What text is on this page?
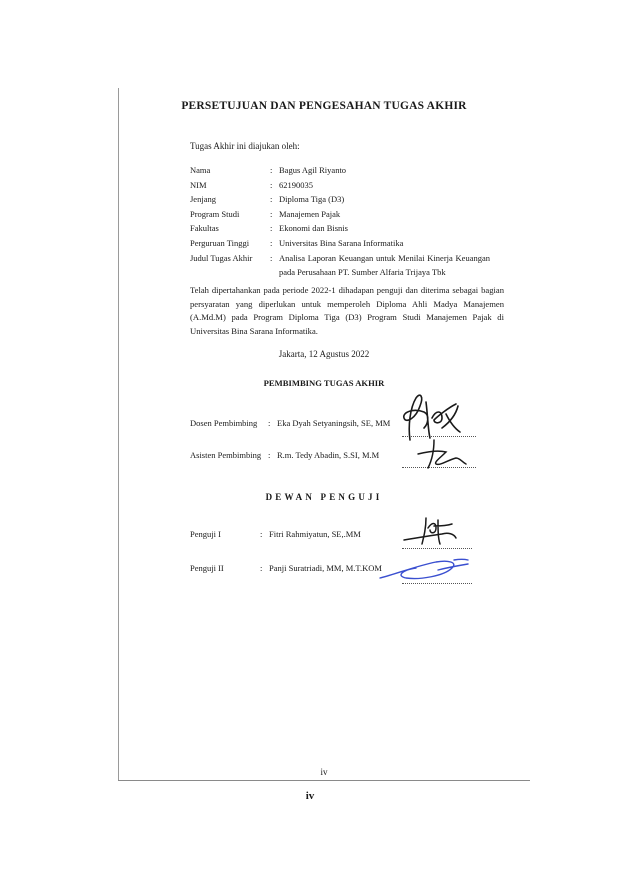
PERSETUJUAN DAN PENGESAHAN TUGAS AKHIR
Tugas Akhir ini diajukan oleh:
Nama	: Bagus Agil Riyanto
NIM	: 62190035
Jenjang	: Diploma Tiga (D3)
Program Studi	: Manajemen Pajak
Fakultas	: Ekonomi dan Bisnis
Perguruan Tinggi	: Universitas Bina Sarana Informatika
Judul Tugas Akhir	: Analisa Laporan Keuangan untuk Menilai Kinerja Keuangan pada Perusahaan PT. Sumber Alfaria Trijaya Tbk
Telah dipertahankan pada periode 2022-1 dihadapan penguji dan diterima sebagai bagian persyaratan yang diperlukan untuk memperoleh Diploma Ahli Madya Manajemen (A.Md.M) pada Program Diploma Tiga (D3) Program Studi Manajemen Pajak di Universitas Bina Sarana Informatika.
Jakarta, 12 Agustus 2022
PEMBIMBING TUGAS AKHIR
Dosen Pembimbing : Eka Dyah Setyaningsih, SE, MM
Asisten Pembimbing : R.m. Tedy Abadin, S.SI, M.M
DEWAN PENGUJI
Penguji I	: Fitri Rahmiyatun, SE,.MM
Penguji II	: Panji Suratriadi, MM, M.T.KOM
iv
iv
